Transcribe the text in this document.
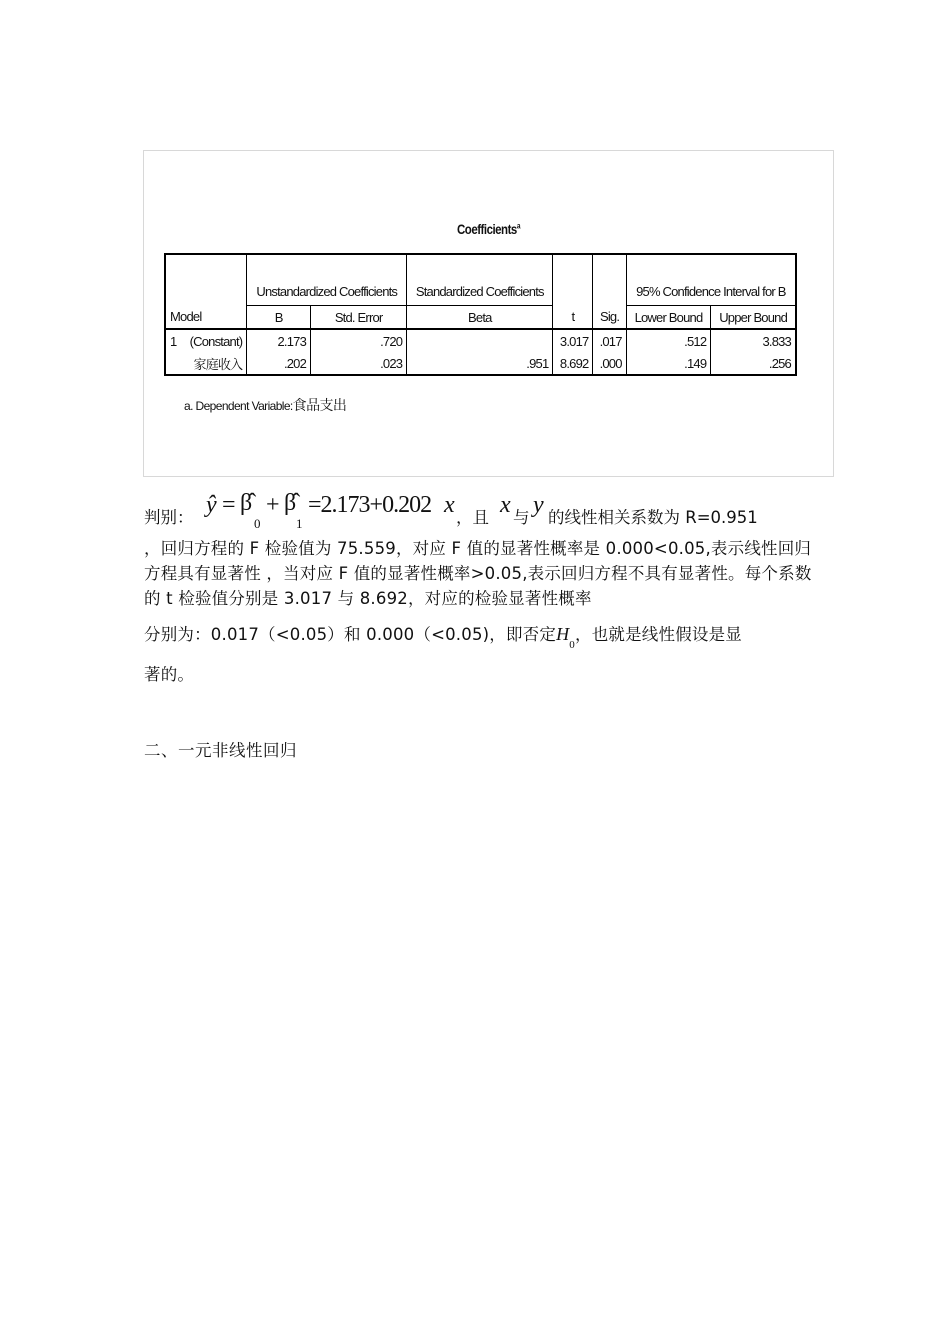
Coefficients$^a$
		Unstandardized Coefficients		Standardized Coefficients			95% Confidence Interval for B	
Model		B	Std. Error	Beta	t	Sig.	Lower Bound	Upper Bound
1	(Constant)	2.173	.720		3.017	.017	.512	3.833
	家庭收入	.202	.023	.951	8.692	.000	.149	.256
a. Dependent Variable:食品支出
判别： ŷ = β̂
0
+ β̂
1
=2.173+0.202 x ，且 x 与 y 的线性相关系数为 R=0.951
，回归方程的 F 检验值为 75.559，对应 F 值的显著性概率是 0.000<0.05,表示线性回归方程具有显著性 ，当对应 F 值的显著性概率>0.05,表示回归方程不具有显著性。每个系数的 t 检验值分别是 3.017 与 8.692，对应的检验显著性概率
分别为：0.017（<0.05）和 0.000（<0.05)，即否定$H_0$，也就是线性假设是显
著的。
二、一元非线性回归
